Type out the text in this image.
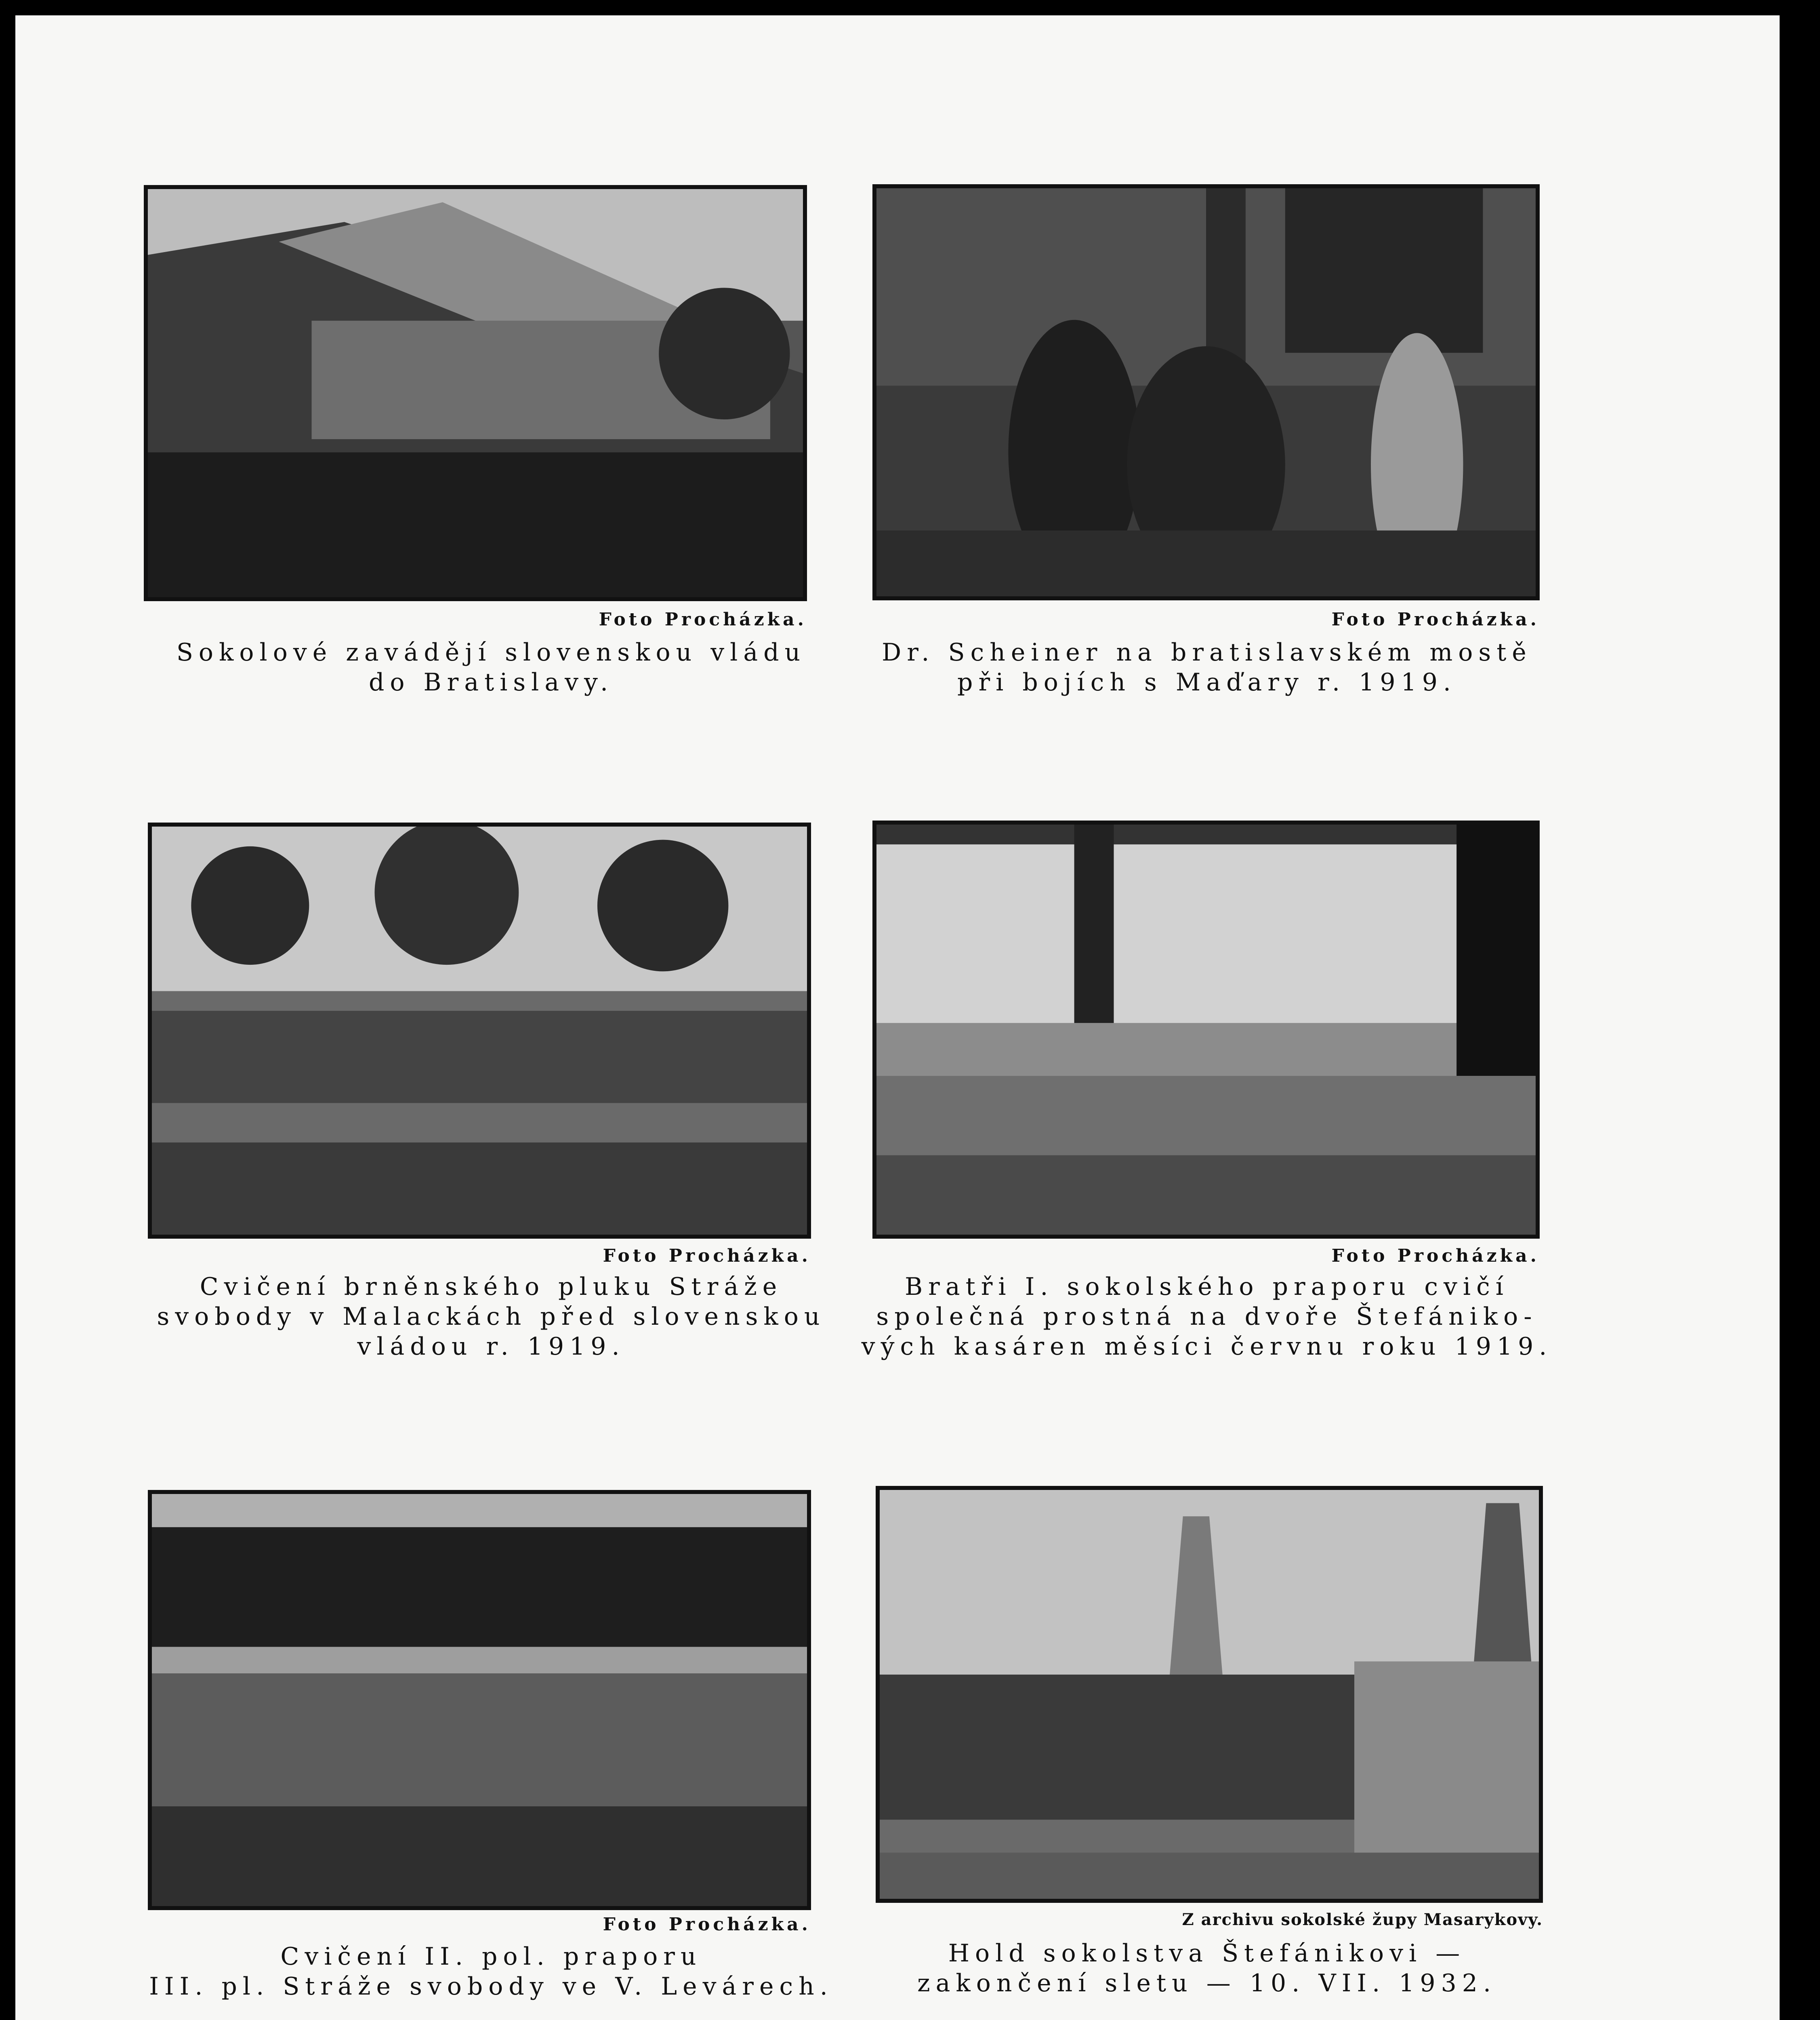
Foto Procházka.
Sokolové zavádějí slovenskou vládu
do Bratislavy.
Foto Procházka.
Dr. Scheiner na bratislavském mostě
při bojích s Maďary r. 1919.
Foto Procházka.
Cvičení brněnského pluku Stráže
svobody v Malackách před slovenskou
vládou r. 1919.
Foto Procházka.
Bratři I. sokolského praporu cvičí
společná prostná na dvoře Štefániko-
vých kasáren měsíci červnu roku 1919.
Foto Procházka.
Cvičení II. pol. praporu
III. pl. Stráže svobody ve V. Levárech.
Z archivu sokolské župy Masarykovy.
Hold sokolstva Štefánikovi —
zakončení sletu — 10. VII. 1932.
